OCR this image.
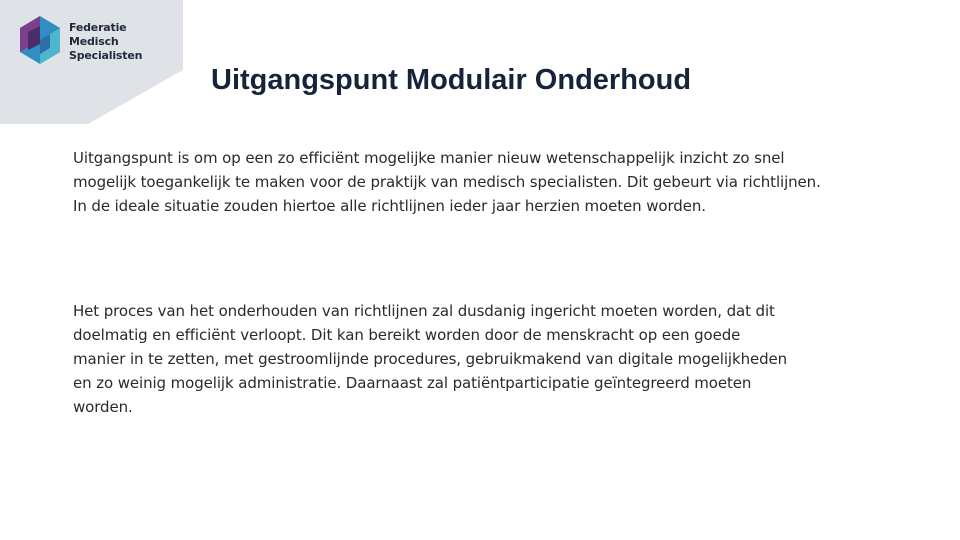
Federatie
Medisch
Specialisten
Uitgangspunt Modulair Onderhoud

Uitgangspunt is om op een zo efficiënt mogelijke manier nieuw wetenschappelijk inzicht zo snel
mogelijk toegankelijk te maken voor de praktijk van medisch specialisten. Dit gebeurt via richtlijnen.
In de ideale situatie zouden hiertoe alle richtlijnen ieder jaar herzien moeten worden.

Het proces van het onderhouden van richtlijnen zal dusdanig ingericht moeten worden, dat dit
doelmatig en efficiënt verloopt. Dit kan bereikt worden door de menskracht op een goede
manier in te zetten, met gestroomlijnde procedures, gebruikmakend van digitale mogelijkheden
en zo weinig mogelijk administratie. Daarnaast zal patiëntparticipatie geïntegreerd moeten
worden.
